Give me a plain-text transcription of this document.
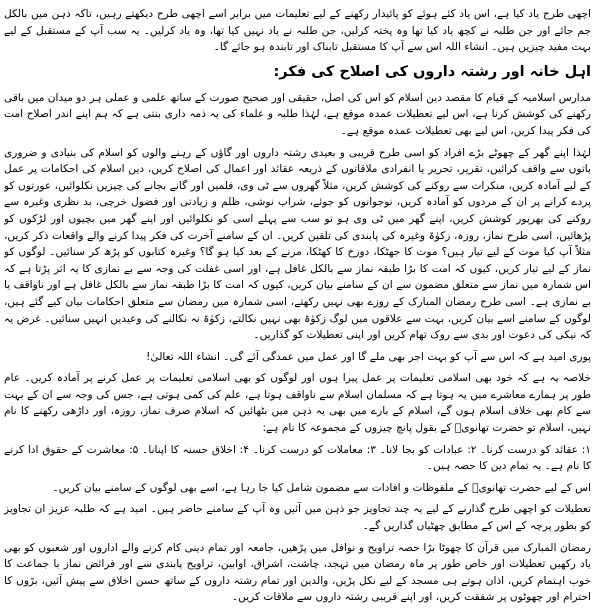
اچھی طرح یاد کیا ہے، اس یاد کئے ہوئے کو پائیدار رکھنے کے لیے تعلیمات میں برابر اسے اچھی طرح دیکھتے رہیں، تاکہ ذہن میں بالکل جم جائے اور جن طلبہ نے کچھ یاد کیا تھا وہ پختہ کرلیں، جن طلبہ نے یاد نہیں کیا تھا، وہ یاد کرلیں۔ یہ سب آپ کے مستقبل کے لیے بہت مفید چیزیں ہیں۔ انشاء اللہ اس سے آپ کا مستقبل تابناک اور تابندہ ہو جائے گا۔

اہل خانہ اور رشتہ داروں کی اصلاح کی فکر:

مدارس اسلامیہ کے قیام کا مقصد دین اسلام کو اس کی اصل، حقیقی اور صحیح صورت کے ساتھ علمی و عملی ہر دو میدان میں باقی رکھنے کی کوشش کرنا ہے، اس لیے تعطیلات عمدہ موقع ہے، لہٰذا طلبہ و علماء کی یہ ذمہ داری بنتی ہے کہ ہم اپنے اندر اصلاح امت کی فکر پیدا کریں، اس لیے بھی تعطیلات عمدہ موقع ہے۔

لہٰذا اپنے گھر کے چھوٹے بڑے افراد کو اسی طرح قریبی و بعیدی رشتہ داروں اور گاؤں کے رہنے والوں کو اسلام کی بنیادی و ضروری باتوں سے واقف کرائیں، تقریر، تحریر یا انفرادی ملاقاتوں کے ذریعہ عقائد اور اعمال کی اصلاح کریں، دین اسلام کی احکامات پر عمل کے لیے آمادہ کریں، منکرات سے روکنے کی کوشش کریں، مثلاً گھروں سے ٹی وی، فلمیں اور گانے بجانے کی چیزیں نکلوائیں، عورتوں کو پردے کرانے پر ان کے مردوں کو آمادہ کریں، نوجوانوں کو جوئے، شراب نوشی، ظلم و زیادتی اور فضول خرچی، بد نظری وغیرہ سے روکنے کی بھرپور کوشش کریں، اپنے گھر میں ٹی وی ہو تو سب سے پہلے اسی کو نکلوائیں اور اپنے گھر میں بچیوں اور لڑکوں کو پڑھائیں، اسی طرح نماز، روزہ، زکوٰۃ وغیرہ کی پابندی کی تلقین کریں۔ ان کے سامنے آخرت کی فکر پیدا کرنے والے واقعات ذکر کریں، مثلاً آپ کیا موت کے لیے تیار ہیں؟ موت کا جھٹکا، دوزخ کا کھٹکا، مرنے کے بعد کیا ہو گا؟ وغیرہ کتابوں کو پڑھ کر سنائیں۔ لوگوں کو نماز کے لیے تیار کریں، کیوں کہ امت کا بڑا طبقہ نماز سے بالکل غافل ہے، اور اسی غفلت کی وجہ سے بے نمازی کا یہ اثر پڑتا ہے کہ اس شمارہ میں نماز سے متعلق مضمون سے ان کے سامنے بیان کریں، کیوں کہ امت کا بڑا طبقہ نماز سے بالکل غافل ہے اور ناواقف یا بے نمازی ہے۔ اسی طرح رمضان المبارک کے روزے بھی نہیں رکھتے، اسی شمارہ میں رمضان سے متعلق احکامات بیان کیے گئے ہیں، لوگوں کے سامنے اسے بیان کریں، بہت سے علاقوں میں لوگ زکوٰۃ بھی نہیں نکالتے، زکوٰۃ نہ نکالنے کی وعیدیں انہیں سنائیں۔ غرض یہ کہ نیکی کی دعوت اور بدی سے روک تھام کریں اور اپنی تعطیلات کو گذاریں۔

پوری امید ہے کہ اس سے آپ کو بہت اجر بھی ملے گا اور عمل میں عمدگی آئے گی۔ انشاء اللہ تعالیٰ!

خلاصہ یہ ہے کہ خود بھی اسلامی تعلیمات پر عمل پیرا ہوں اور لوگوں کو بھی اسلامی تعلیمات پر عمل کرنے پر آمادہ کریں۔ عام طور پر ہمارے معاشرے میں یہ ہوتا ہے کہ مسلمان اسلام سے ناواقف ہوتا ہے، علم کی کمی ہوتی ہے، جس کی وجہ سے ان کے بہت سے کام بھی خلاف اسلام ہوں گے، اسلام کے بارے میں بھی یہ ذہن میں بٹھائیں کہ اسلام صرف نماز، روزہ، اور داڑھی رکھنے کا نام نہیں، اسلام تو حضرت تھانویؒ کے بقول پانچ چیزوں کے مجموعہ کا نام ہے:

۱: عقائد کو درست کرنا۔ ۲: عبادات کو بجا لانا۔ ۳: معاملات کو درست کرنا۔ ۴: اخلاق حسنہ کا اپنانا۔ ۵: معاشرت کے حقوق ادا کرنے کا نام ہے۔ یہ تمام دین کا حصہ ہیں۔

اس کے لیے حضرت تھانویؒ کے ملفوظات و افادات سے مضمون شامل کیا جا رہا ہے، اسے بھی لوگوں کے سامنے بیان کریں۔

تعطیلات کو اچھی طرح گذارنے کے لیے یہ چند تجاویز جو ذہن میں آئیں وہ آپ کے سامنے حاضر ہیں۔ امید ہے کہ طلبہ عزیز ان تجاویز کو بطور پرچہ کے اس کے مطابق چھٹیاں گذاریں گے۔

رمضان المبارک میں قرآن کا چھوٹا بڑا حصہ تراویح و نوافل میں پڑھیں، جامعہ اور تمام دینی کام کرنے والے اداروں اور شعبوں کو بھی یاد رکھیں تعطیلات اور خاص طور پر ماہ رمضان میں تہجد، چاشت، اشراق، اوابین، تراویح پابندی سے اور فرائض نماز با جماعت کا خوب اہتمام کریں، اذان ہوتے ہی مسجد کے لیے نکل پڑیں، والدین اور تمام رشتہ داروں کے ساتھ حسن اخلاق سے پیش آئیں، بڑوں کا احترام اور چھوٹوں پر شفقت کریں، اور اپنے قریبی رشتہ داروں سے ملاقات کریں۔
